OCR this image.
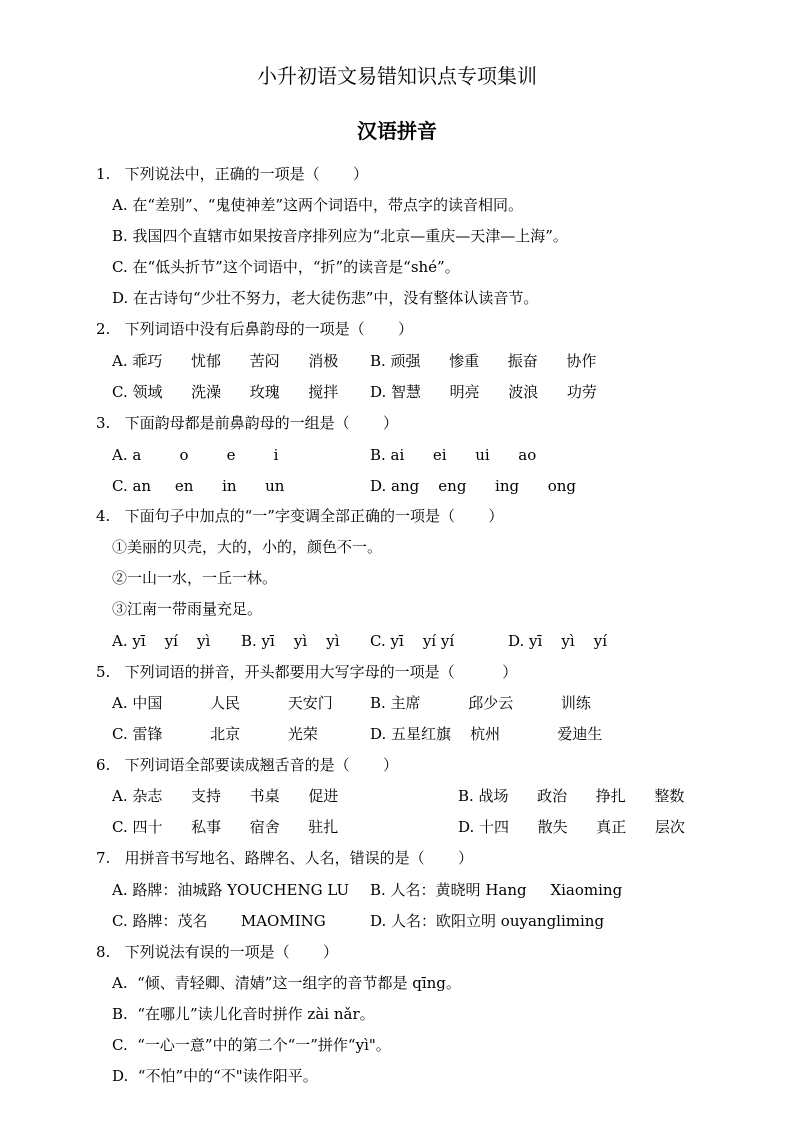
小升初语文易错知识点专项集训
汉语拼音
1.   下列说法中，正确的一项是（       ）
A. 在“差别”、“鬼使神差”这两个词语中，带点字的读音相同。
B. 我国四个直辖市如果按音序排列应为“北京—重庆—天津—上海”。
C. 在“低头折节”这个词语中，“折”的读音是“shé”。
D. 在古诗句“少壮不努力，老大徒伤悲”中，没有整体认读音节。
2.   下列词语中没有后鼻韵母的一项是（       ）
A. 乖巧      忧郁      苦闷      消极 B. 顽强      惨重      振奋      协作
C. 领域      洗澡      玫瑰      搅拌 D. 智慧      明亮      波浪      功劳
3.   下面韵母都是前鼻韵母的一组是（       ）
A. a        o        e        i	B. ai      ei      ui      ao
C. an     en      in      un	D. ang    eng      ing      ong
4.   下面句子中加点的“一”字变调全部正确的一项是（       ）
①美丽的贝壳，大的，小的，颜色不一。
②一山一水，一丘一林。
③江南一带雨量充足。
A. yī    yí    yì B. yī    yì    yì C. yī    yí yí	D. yī    yì    yí
5.   下列词语的拼音，开头都要用大写字母的一项是（          ）
A. 中国          人民          天安门 B. 主席          邱少云          训练
C. 雷锋          北京          光荣	D. 五星红旗    杭州            爱迪生
6.   下列词语全部要读成翘舌音的是（       ）
A. 杂志      支持      书桌      促进	B. 战场      政治      挣扎      整数
C. 四十      私事      宿舍      驻扎	D. 十四      散失      真正      层次
7.   用拼音书写地名、路牌名、人名，错误的是（       ）
A. 路牌：油城路 YOUCHENG LU B. 人名：黄晓明 Hang     Xiaoming
C. 路牌：茂名       MAOMING	D. 人名：欧阳立明 ouyangliming
8.   下列说法有误的一项是（       ）
A.  “倾、青轻卿、清婧”这一组字的音节都是 qīng。
B.  “在哪儿”读儿化音时拼作 zài nǎr。
C.  “一心一意”中的第二个“一”拼作“yì"。
D.  “不怕”中的“不"读作阳平。
